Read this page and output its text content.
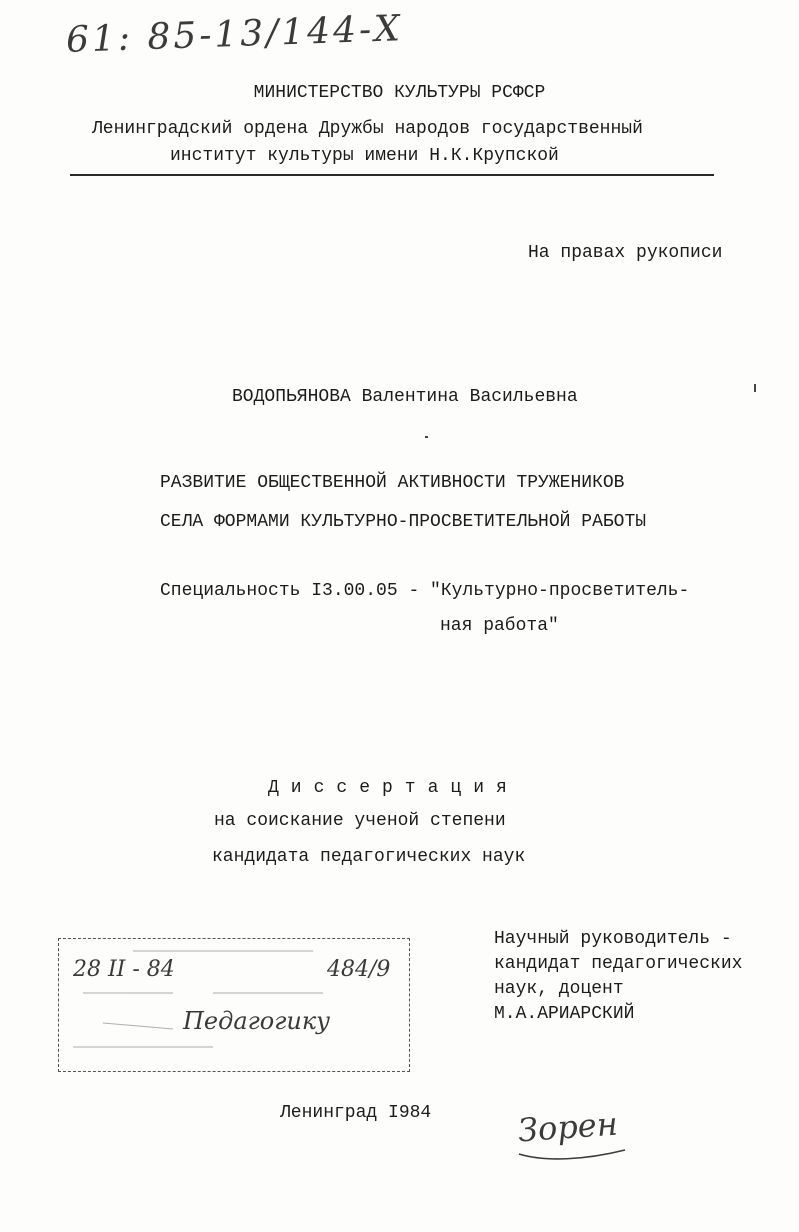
61: 85-13/144-Х
МИНИСТЕРСТВО КУЛЬТУРЫ РСФСР
Ленинградский ордена Дружбы народов государственный
институт культуры имени Н.К.Крупской
На правах рукописи
ВОДОПЬЯНОВА Валентина Васильевна
РАЗВИТИЕ ОБЩЕСТВЕННОЙ АКТИВНОСТИ ТРУЖЕНИКОВ
СЕЛА ФОРМАМИ КУЛЬТУРНО-ПРОСВЕТИТЕЛЬНОЙ РАБОТЫ
Специальность I3.00.05 - "Культурно-просветитель-
ная работа"
Диссертация
на соискание ученой степени
кандидата педагогических наук
Научный руководитель -
кандидат педагогических
наук, доцент
М.А.АРИАРСКИЙ
28 II - 84	484/9
Педагогику
Ленинград I984	Зорен
